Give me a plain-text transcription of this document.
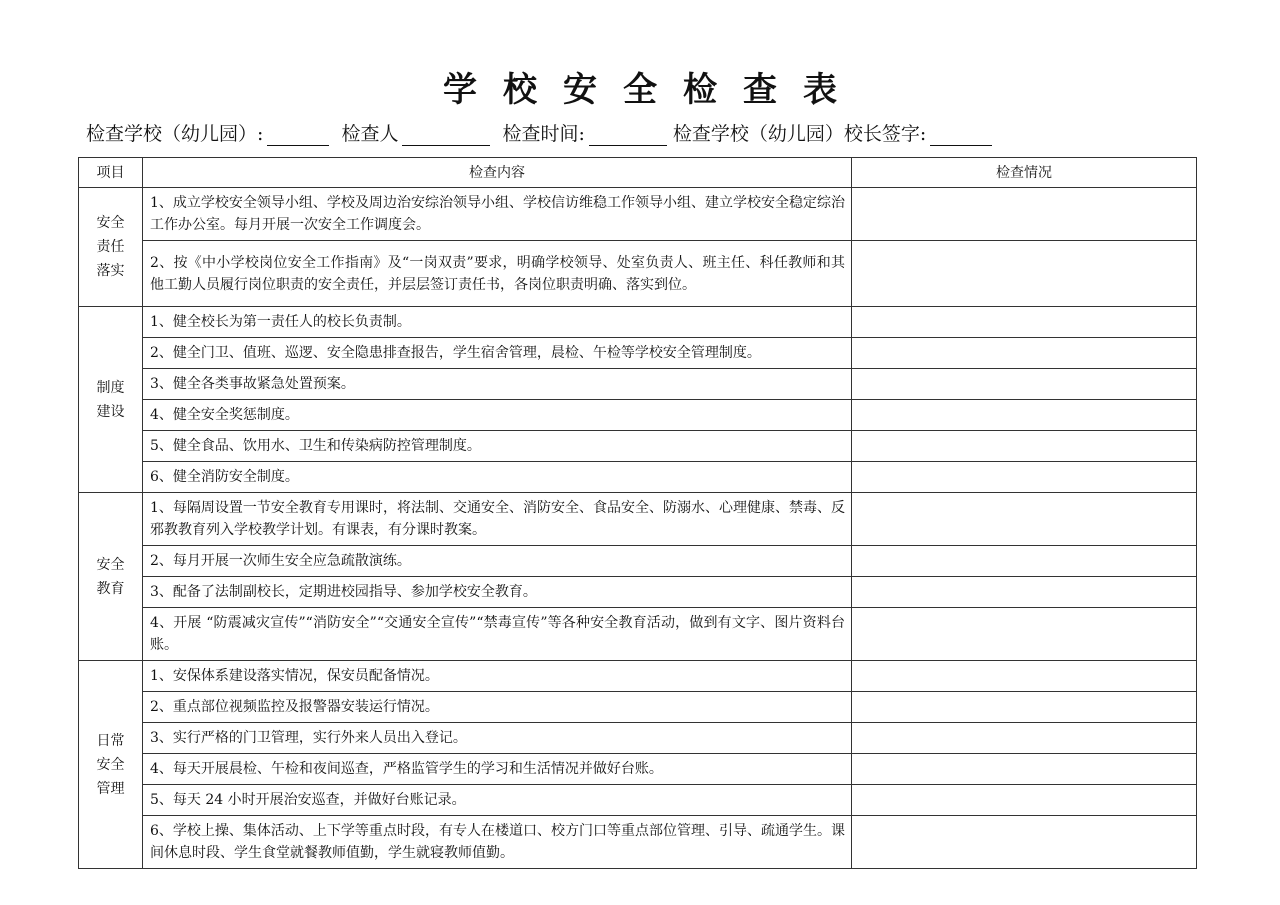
学校安全检查表
检查学校（幼儿园）:	检查人	检查时间:	检查学校（幼儿园）校长签字:
项目	检查内容	检查情况
安全责任落实	1、成立学校安全领导小组、学校及周边治安综治领导小组、学校信访维稳工作领导小组、建立学校安全稳定综治工作办公室。每月开展一次安全工作调度会。	
	2、按《中小学校岗位安全工作指南》及“一岗双责”要求，明确学校领导、处室负责人、班主任、科任教师和其他工勤人员履行岗位职责的安全责任，并层层签订责任书，各岗位职责明确、落实到位。	
制度建设	1、健全校长为第一责任人的校长负责制。	
	2、健全门卫、值班、巡逻、安全隐患排查报告，学生宿舍管理，晨检、午检等学校安全管理制度。	
	3、健全各类事故紧急处置预案。	
	4、健全安全奖惩制度。	
	5、健全食品、饮用水、卫生和传染病防控管理制度。	
	6、健全消防安全制度。	
安全教育	1、每隔周设置一节安全教育专用课时，将法制、交通安全、消防安全、食品安全、防溺水、心理健康、禁毒、反邪教教育列入学校教学计划。有课表，有分课时教案。	
	2、每月开展一次师生安全应急疏散演练。	
	3、配备了法制副校长，定期进校园指导、参加学校安全教育。	
	4、开展 “防震减灾宣传”“消防安全”“交通安全宣传”“禁毒宣传”等各种安全教育活动，做到有文字、图片资料台账。	
日常安全管理	1、安保体系建设落实情况，保安员配备情况。	
	2、重点部位视频监控及报警器安装运行情况。	
	3、实行严格的门卫管理，实行外来人员出入登记。	
	4、每天开展晨检、午检和夜间巡查，严格监管学生的学习和生活情况并做好台账。	
	5、每天 24 小时开展治安巡查，并做好台账记录。	
	6、学校上操、集体活动、上下学等重点时段，有专人在楼道口、校方门口等重点部位管理、引导、疏通学生。课间休息时段、学生食堂就餐教师值勤，学生就寝教师值勤。	
